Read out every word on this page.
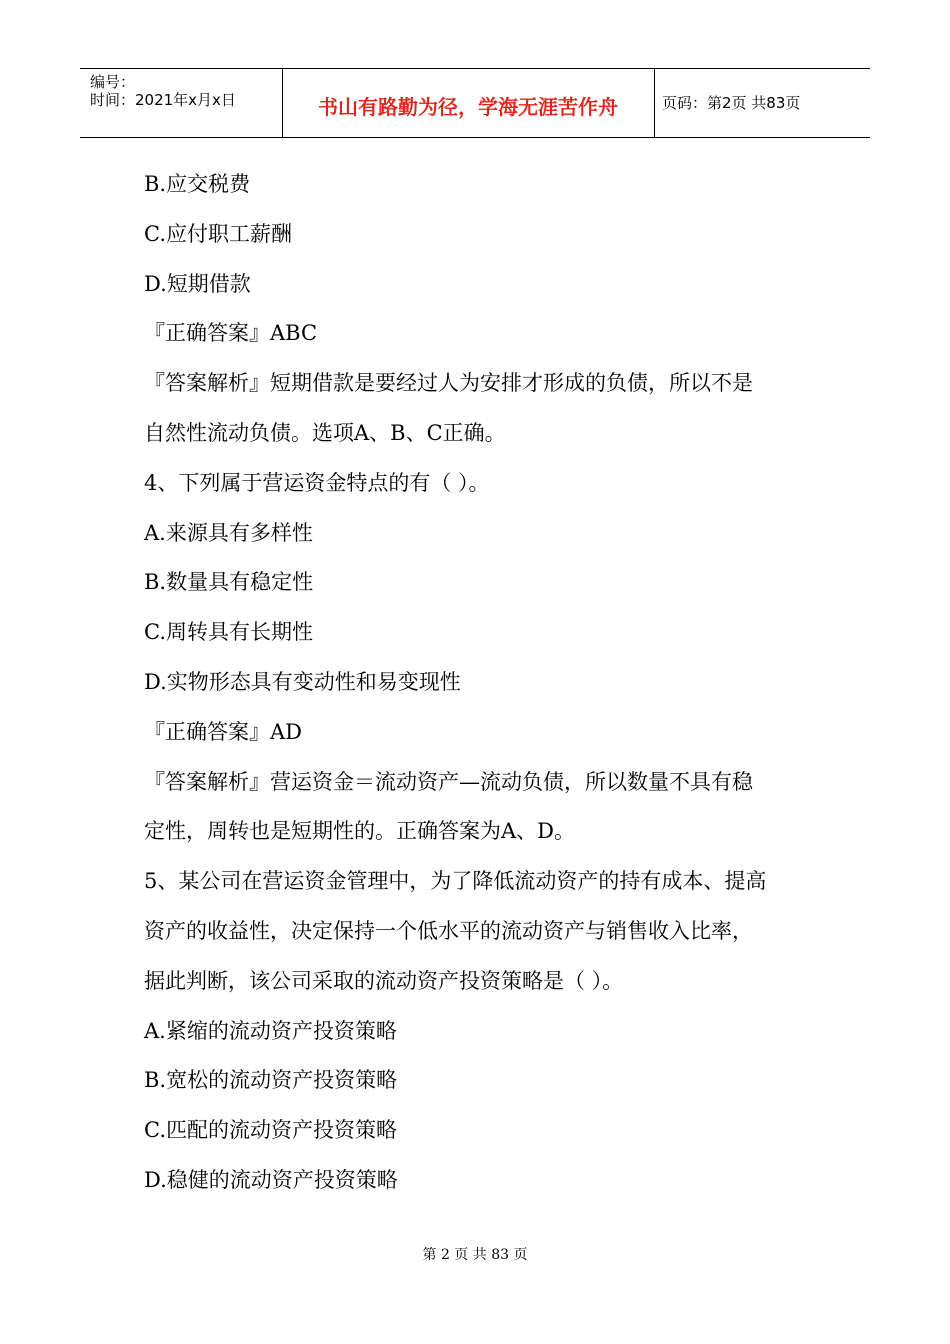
编号：
时间：2021年x月x日	书山有路勤为径，学海无涯苦作舟	页码：第2页 共83页
B.应交税费
C.应付职工薪酬
D.短期借款
『正确答案』ABC
『答案解析』短期借款是要经过人为安排才形成的负债，所以不是
自然性流动负债。选项A、B、C正确。
4、下列属于营运资金特点的有（ ）。
A.来源具有多样性
B.数量具有稳定性
C.周转具有长期性
D.实物形态具有变动性和易变现性
『正确答案』AD
『答案解析』营运资金＝流动资产—流动负债，所以数量不具有稳
定性，周转也是短期性的。正确答案为A、D。
5、某公司在营运资金管理中，为了降低流动资产的持有成本、提高
资产的收益性，决定保持一个低水平的流动资产与销售收入比率，
据此判断，该公司采取的流动资产投资策略是（ ）。
A.紧缩的流动资产投资策略
B.宽松的流动资产投资策略
C.匹配的流动资产投资策略
D.稳健的流动资产投资策略
第 2 页 共 83 页
